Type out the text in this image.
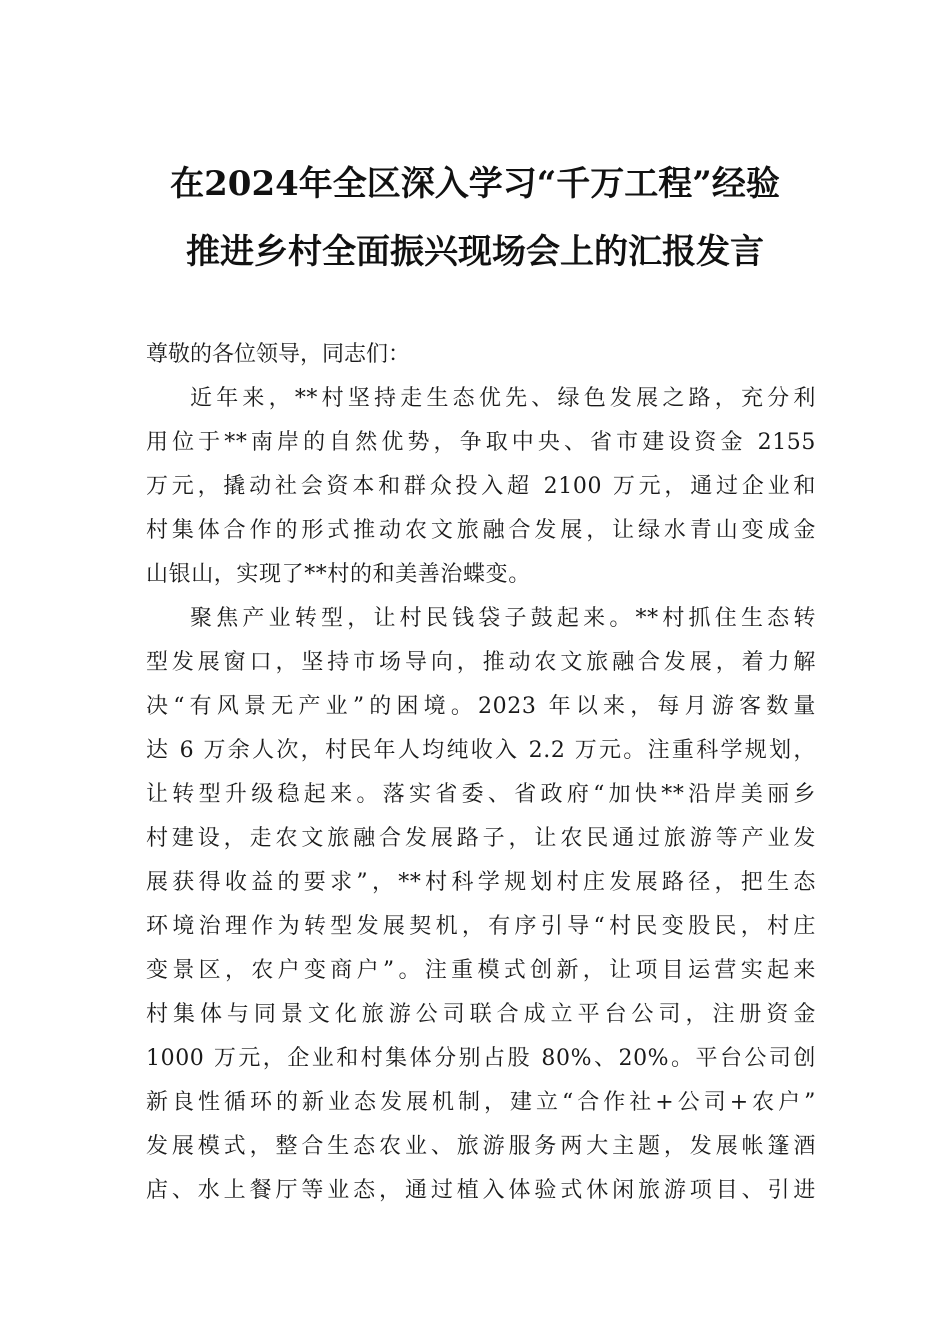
在2024年全区深入学习“千万工程”经验
推进乡村全面振兴现场会上的汇报发言
尊敬的各位领导，同志们：
近年来，**村坚持走生态优先、绿色发展之路，充分利
用位于**南岸的自然优势，争取中央、省市建设资金 2155
万元，撬动社会资本和群众投入超 2100 万元，通过企业和
村集体合作的形式推动农文旅融合发展，让绿水青山变成金
山银山，实现了**村的和美善治蝶变。
聚焦产业转型，让村民钱袋子鼓起来。**村抓住生态转
型发展窗口，坚持市场导向，推动农文旅融合发展，着力解
决“有风景无产业”的困境。2023 年以来，每月游客数量
达 6 万余人次，村民年人均纯收入 2.2 万元。注重科学规划，
让转型升级稳起来。落实省委、省政府“加快**沿岸美丽乡
村建设，走农文旅融合发展路子，让农民通过旅游等产业发
展获得收益的要求”，**村科学规划村庄发展路径，把生态
环境治理作为转型发展契机，有序引导“村民变股民，村庄
变景区，农户变商户”。注重模式创新，让项目运营实起来
村集体与同景文化旅游公司联合成立平台公司，注册资金
1000 万元，企业和村集体分别占股 80%、20%。平台公司创
新良性循环的新业态发展机制，建立“合作社+公司+农户”
发展模式，整合生态农业、旅游服务两大主题，发展帐篷酒
店、水上餐厅等业态，通过植入体验式休闲旅游项目、引进
